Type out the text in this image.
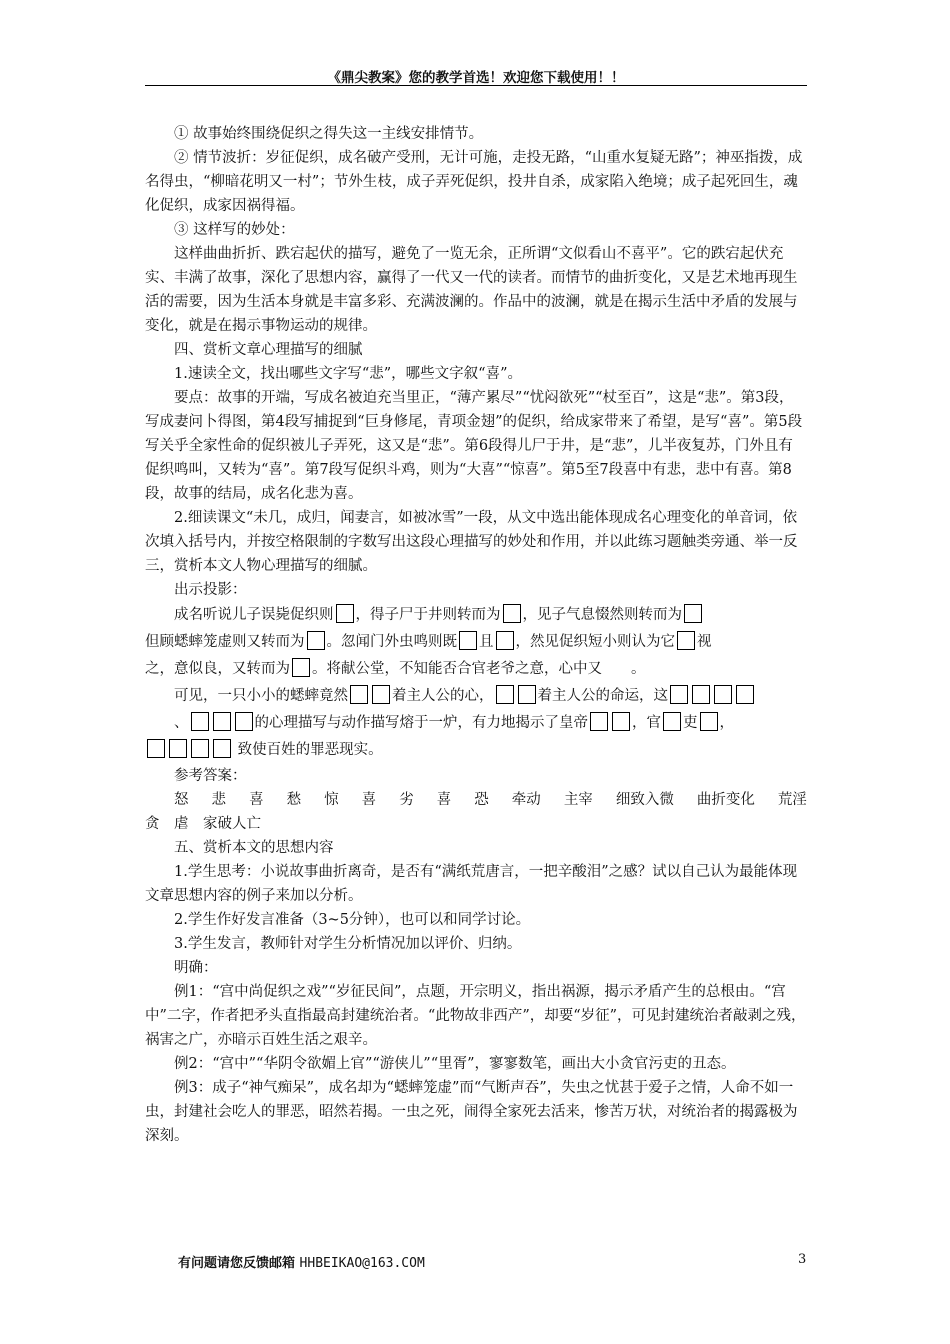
《鼎尖教案》您的教学首选！欢迎您下载使用！！

① 故事始终围绕促织之得失这一主线安排情节。

② 情节波折：岁征促织，成名破产受刑，无计可施，走投无路，“山重水复疑无路”；神巫指拨，成名得虫，“柳暗花明又一村”；节外生枝，成子弄死促织，投井自杀，成家陷入绝境；成子起死回生，魂化促织，成家因祸得福。

③ 这样写的妙处：

这样曲曲折折、跌宕起伏的描写，避免了一览无余，正所谓“文似看山不喜平”。它的跌宕起伏充实、丰满了故事，深化了思想内容，赢得了一代又一代的读者。而情节的曲折变化，又是艺术地再现生活的需要，因为生活本身就是丰富多彩、充满波澜的。作品中的波澜，就是在揭示生活中矛盾的发展与变化，就是在揭示事物运动的规律。

四、赏析文章心理描写的细腻

1.速读全文，找出哪些文字写“悲”，哪些文字叙“喜”。

要点：故事的开端，写成名被迫充当里正，“薄产累尽”“忧闷欲死”“杖至百”，这是“悲”。第3段，写成妻问卜得图，第4段写捕捉到“巨身修尾，青项金翅”的促织，给成家带来了希望，是写“喜”。第5段写关乎全家性命的促织被儿子弄死，这又是“悲”。第6段得儿尸于井，是“悲”，儿半夜复苏，门外且有促织鸣叫，又转为“喜”。第7段写促织斗鸡，则为“大喜”“惊喜”。第5至7段喜中有悲，悲中有喜。第8段，故事的结局，成名化悲为喜。

2.细读课文“未几，成归，闻妻言，如被冰雪”一段，从文中选出能体现成名心理变化的单音词，依次填入括号内，并按空格限制的字数写出这段心理描写的妙处和作用，并以此练习题触类旁通、举一反三，赏析本文人物心理描写的细腻。

出示投影：

成名听说儿子误毙促织则 ，得子尸于井则转而为 ，见子气息惙然则转而为

但顾蟋蟀笼虚则又转而为 。忽闻门外虫鸣则既 且 ，然见促织短小则认为它 视

之，意似良，又转而为 。将献公堂，不知能否合官老爷之意，心中又　　 。

可见，一只小小的蟋蟀竟然	着主人公的心，	着主人公的命运，这

、	的心理描写与动作描写熔于一炉，有力地揭示了皇帝	，官 吏 ，

致使百姓的罪恶现实。

参考答案：

怒 悲 喜 愁 惊 喜 劣 喜 恐 牵动 主宰 细致入微 曲折变化 荒淫

贪　虐　家破人亡

五、赏析本文的思想内容

1.学生思考：小说故事曲折离奇，是否有“满纸荒唐言，一把辛酸泪”之感？试以自己认为最能体现文章思想内容的例子来加以分析。

2.学生作好发言准备（3~5分钟），也可以和同学讨论。

3.学生发言，教师针对学生分析情况加以评价、归纳。

明确：

例1：“宫中尚促织之戏”“岁征民间”，点题，开宗明义，指出祸源，揭示矛盾产生的总根由。“宫中”二字，作者把矛头直指最高封建统治者。“此物故非西产”，却要“岁征”，可见封建统治者敲剥之残，祸害之广，亦暗示百姓生活之艰辛。

例2：“宫中”“华阴令欲媚上官”“游侠儿”“里胥”，寥寥数笔，画出大小贪官污吏的丑态。

例3：成子“神气痴呆”，成名却为“蟋蟀笼虚”而“气断声吞”，失虫之忧甚于爱子之情，人命不如一虫，封建社会吃人的罪恶，昭然若揭。一虫之死，闹得全家死去活来，惨苦万状，对统治者的揭露极为深刻。

有问题请您反馈邮箱 HHBEIKAO@163.COM	3
